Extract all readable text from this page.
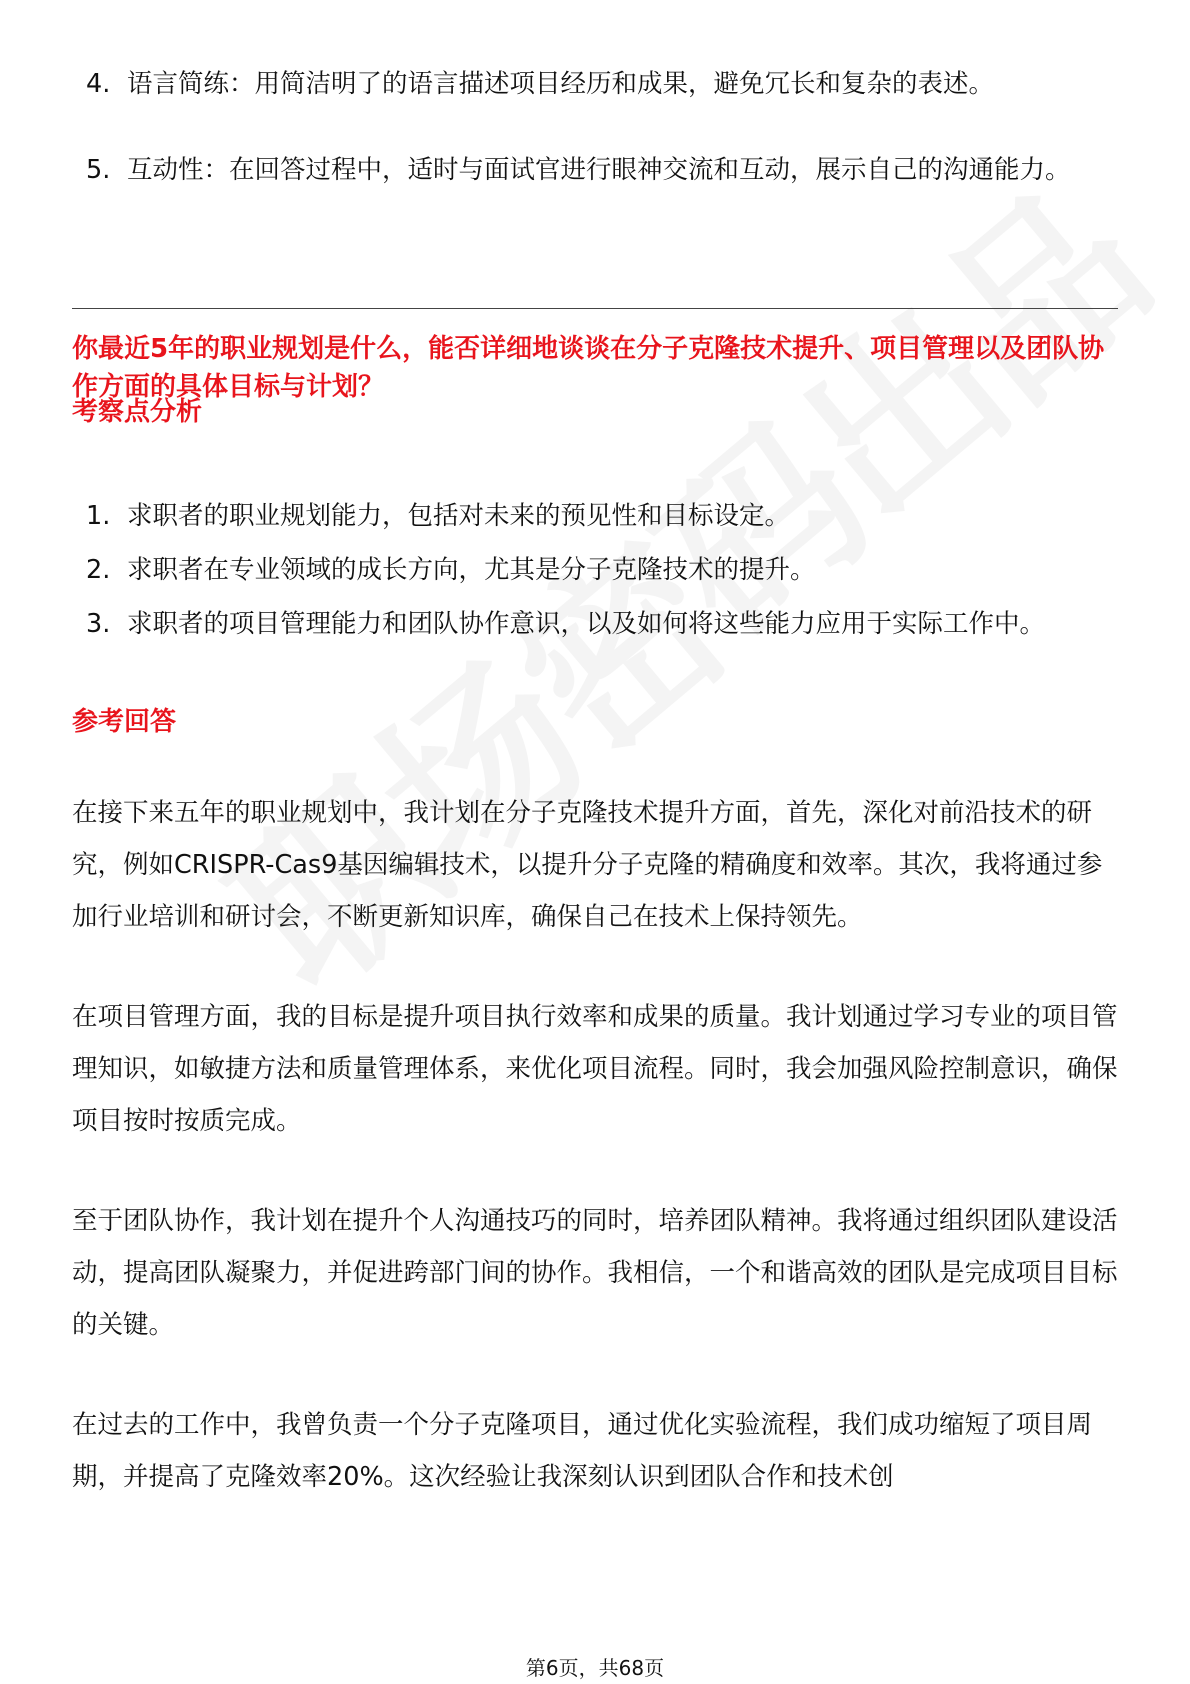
4. 语言简练：用简洁明了的语言描述项目经历和成果，避免冗长和复杂的表述。
5. 互动性：在回答过程中，适时与面试官进行眼神交流和互动，展示自己的沟通能力。
你最近5年的职业规划是什么，能否详细地谈谈在分子克隆技术提升、项目管理以及团队协作方面的具体目标与计划？
考察点分析
1. 求职者的职业规划能力，包括对未来的预见性和目标设定。
2. 求职者在专业领域的成长方向，尤其是分子克隆技术的提升。
3. 求职者的项目管理能力和团队协作意识，以及如何将这些能力应用于实际工作中。
参考回答

在接下来五年的职业规划中，我计划在分子克隆技术提升方面，首先，深化对前沿技术的研究，例如CRISPR-Cas9基因编辑技术，以提升分子克隆的精确度和效率。其次，我将通过参加行业培训和研讨会，不断更新知识库，确保自己在技术上保持领先。

在项目管理方面，我的目标是提升项目执行效率和成果的质量。我计划通过学习专业的项目管理知识，如敏捷方法和质量管理体系，来优化项目流程。同时，我会加强风险控制意识，确保项目按时按质完成。

至于团队协作，我计划在提升个人沟通技巧的同时，培养团队精神。我将通过组织团队建设活动，提高团队凝聚力，并促进跨部门间的协作。我相信，一个和谐高效的团队是完成项目目标的关键。

在过去的工作中，我曾负责一个分子克隆项目，通过优化实验流程，我们成功缩短了项目周期，并提高了克隆效率20%。这次经验让我深刻认识到团队合作和技术创

第6页，共68页
